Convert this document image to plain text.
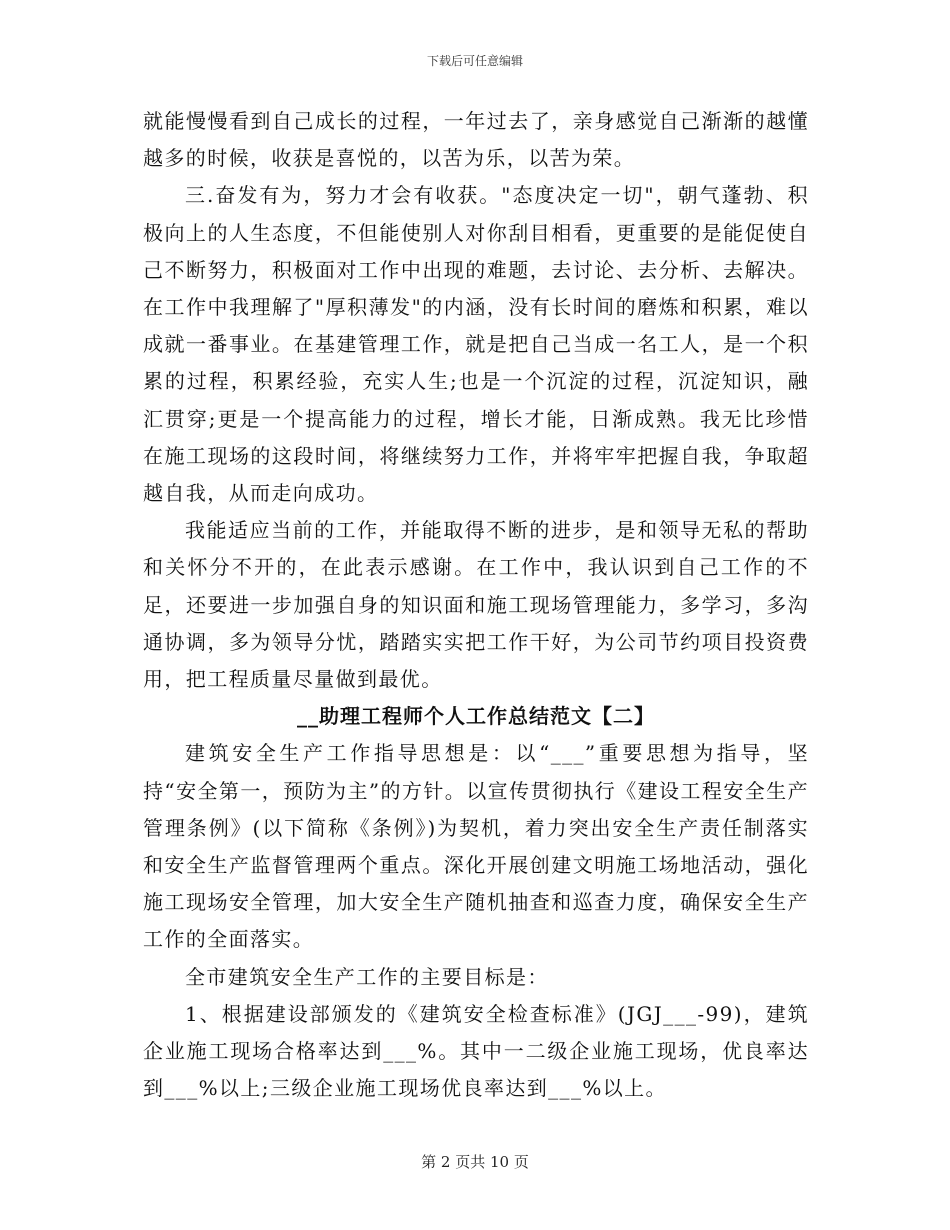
下载后可任意编辑

就能慢慢看到自己成长的过程，一年过去了，亲身感觉自己渐渐的越懂越多的时候，收获是喜悦的，以苦为乐，以苦为荣。

三.奋发有为，努力才会有收获。"态度决定一切"，朝气蓬勃、积极向上的人生态度，不但能使别人对你刮目相看，更重要的是能促使自己不断努力，积极面对工作中出现的难题，去讨论、去分析、去解决。在工作中我理解了"厚积薄发"的内涵，没有长时间的磨炼和积累，难以成就一番事业。在基建管理工作，就是把自己当成一名工人，是一个积累的过程，积累经验，充实人生;也是一个沉淀的过程，沉淀知识，融汇贯穿;更是一个提高能力的过程，增长才能，日渐成熟。我无比珍惜在施工现场的这段时间，将继续努力工作，并将牢牢把握自我，争取超越自我，从而走向成功。

我能适应当前的工作，并能取得不断的进步，是和领导无私的帮助和关怀分不开的，在此表示感谢。在工作中，我认识到自己工作的不足，还要进一步加强自身的知识面和施工现场管理能力，多学习，多沟通协调，多为领导分忧，踏踏实实把工作干好，为公司节约项目投资费用，把工程质量尽量做到最优。

__助理工程师个人工作总结范文【二】

建筑安全生产工作指导思想是：以“___”重要思想为指导，坚持“安全第一，预防为主”的方针。以宣传贯彻执行《建设工程安全生产管理条例》(以下简称《条例》)为契机，着力突出安全生产责任制落实和安全生产监督管理两个重点。深化开展创建文明施工场地活动，强化施工现场安全管理，加大安全生产随机抽查和巡查力度，确保安全生产工作的全面落实。

全市建筑安全生产工作的主要目标是：

1、根据建设部颁发的《建筑安全检查标准》(JGJ___-99)，建筑企业施工现场合格率达到___%。其中一二级企业施工现场，优良率达到___%以上;三级企业施工现场优良率达到___%以上。

第 2 页共 10 页
